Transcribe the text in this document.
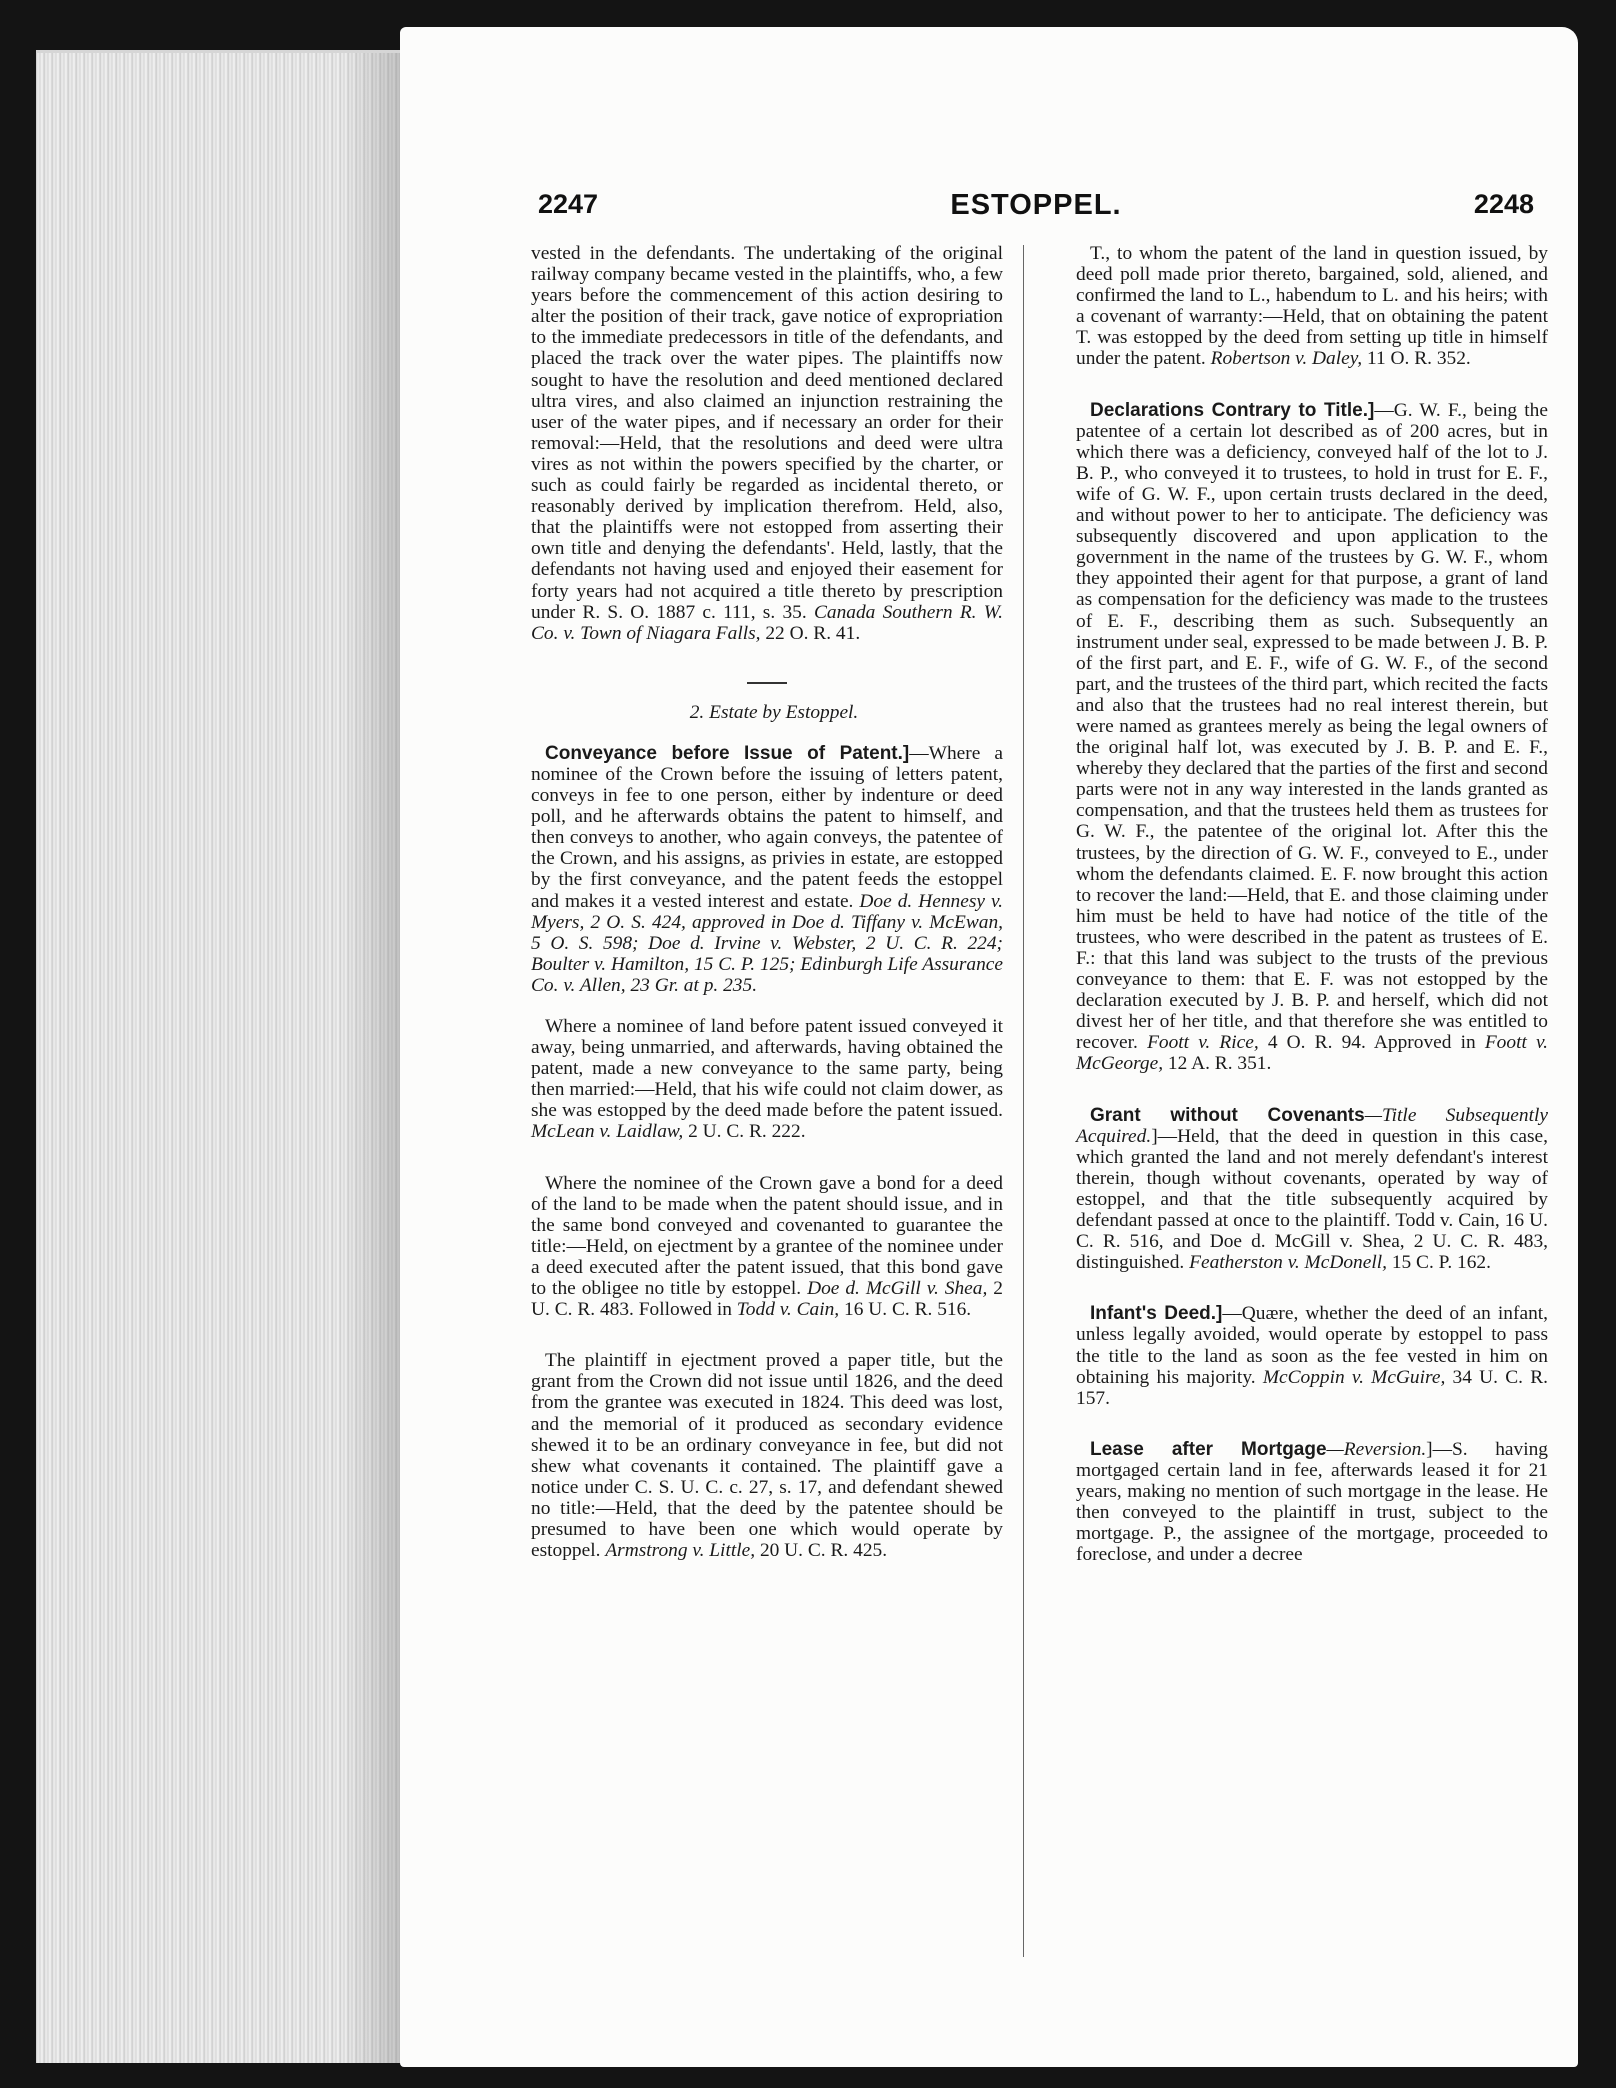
2247	ESTOPPEL.	2248

vested in the defendants. The undertaking of the original railway company became vested in the plaintiffs, who, a few years before the commencement of this action desiring to alter the position of their track, gave notice of expropriation to the immediate predecessors in title of the defendants, and placed the track over the water pipes. The plaintiffs now sought to have the resolution and deed mentioned declared ultra vires, and also claimed an injunction restraining the user of the water pipes, and if necessary an order for their removal:—Held, that the resolutions and deed were ultra vires as not within the powers specified by the charter, or such as could fairly be regarded as incidental thereto, or reasonably derived by implication therefrom. Held, also, that the plaintiffs were not estopped from asserting their own title and denying the defendants'. Held, lastly, that the defendants not having used and enjoyed their easement for forty years had not acquired a title thereto by prescription under R. S. O. 1887 c. 111, s. 35. Canada Southern R. W. Co. v. Town of Niagara Falls, 22 O. R. 41.

2. Estate by Estoppel.

Conveyance before Issue of Patent.]—Where a nominee of the Crown before the issuing of letters patent, conveys in fee to one person, either by indenture or deed poll, and he afterwards obtains the patent to himself, and then conveys to another, who again conveys, the patentee of the Crown, and his assigns, as privies in estate, are estopped by the first conveyance, and the patent feeds the estoppel and makes it a vested interest and estate. Doe d. Hennesy v. Myers, 2 O. S. 424, approved in Doe d. Tiffany v. McEwan, 5 O. S. 598; Doe d. Irvine v. Webster, 2 U. C. R. 224; Boulter v. Hamilton, 15 C. P. 125; Edinburgh Life Assurance Co. v. Allen, 23 Gr. at p. 235.

Where a nominee of land before patent issued conveyed it away, being unmarried, and afterwards, having obtained the patent, made a new conveyance to the same party, being then married:—Held, that his wife could not claim dower, as she was estopped by the deed made before the patent issued. McLean v. Laidlaw, 2 U. C. R. 222.

Where the nominee of the Crown gave a bond for a deed of the land to be made when the patent should issue, and in the same bond conveyed and covenanted to guarantee the title:—Held, on ejectment by a grantee of the nominee under a deed executed after the patent issued, that this bond gave to the obligee no title by estoppel. Doe d. McGill v. Shea, 2 U. C. R. 483. Followed in Todd v. Cain, 16 U. C. R. 516.

The plaintiff in ejectment proved a paper title, but the grant from the Crown did not issue until 1826, and the deed from the grantee was executed in 1824. This deed was lost, and the memorial of it produced as secondary evidence shewed it to be an ordinary conveyance in fee, but did not shew what covenants it contained. The plaintiff gave a notice under C. S. U. C. c. 27, s. 17, and defendant shewed no title:—Held, that the deed by the patentee should be presumed to have been one which would operate by estoppel. Armstrong v. Little, 20 U. C. R. 425.

T., to whom the patent of the land in question issued, by deed poll made prior thereto, bargained, sold, aliened, and confirmed the land to L., habendum to L. and his heirs; with a covenant of warranty:—Held, that on obtaining the patent T. was estopped by the deed from setting up title in himself under the patent. Robertson v. Daley, 11 O. R. 352.

Declarations Contrary to Title.]—G. W. F., being the patentee of a certain lot described as of 200 acres, but in which there was a deficiency, conveyed half of the lot to J. B. P., who conveyed it to trustees, to hold in trust for E. F., wife of G. W. F., upon certain trusts declared in the deed, and without power to her to anticipate. The deficiency was subsequently discovered and upon application to the government in the name of the trustees by G. W. F., whom they appointed their agent for that purpose, a grant of land as compensation for the deficiency was made to the trustees of E. F., describing them as such. Subsequently an instrument under seal, expressed to be made between J. B. P. of the first part, and E. F., wife of G. W. F., of the second part, and the trustees of the third part, which recited the facts and also that the trustees had no real interest therein, but were named as grantees merely as being the legal owners of the original half lot, was executed by J. B. P. and E. F., whereby they declared that the parties of the first and second parts were not in any way interested in the lands granted as compensation, and that the trustees held them as trustees for G. W. F., the patentee of the original lot. After this the trustees, by the direction of G. W. F., conveyed to E., under whom the defendants claimed. E. F. now brought this action to recover the land:—Held, that E. and those claiming under him must be held to have had notice of the title of the trustees, who were described in the patent as trustees of E. F.: that this land was subject to the trusts of the previous conveyance to them: that E. F. was not estopped by the declaration executed by J. B. P. and herself, which did not divest her of her title, and that therefore she was entitled to recover. Foott v. Rice, 4 O. R. 94. Approved in Foott v. McGeorge, 12 A. R. 351.

Grant without Covenants—Title Subsequently Acquired.]—Held, that the deed in question in this case, which granted the land and not merely defendant's interest therein, though without covenants, operated by way of estoppel, and that the title subsequently acquired by defendant passed at once to the plaintiff. Todd v. Cain, 16 U. C. R. 516, and Doe d. McGill v. Shea, 2 U. C. R. 483, distinguished. Featherston v. McDonell, 15 C. P. 162.

Infant's Deed.]—Quære, whether the deed of an infant, unless legally avoided, would operate by estoppel to pass the title to the land as soon as the fee vested in him on obtaining his majority. McCoppin v. McGuire, 34 U. C. R. 157.

Lease after Mortgage—Reversion.]—S. having mortgaged certain land in fee, afterwards leased it for 21 years, making no mention of such mortgage in the lease. He then conveyed to the plaintiff in trust, subject to the mortgage. P., the assignee of the mortgage, proceeded to foreclose, and under a decree
